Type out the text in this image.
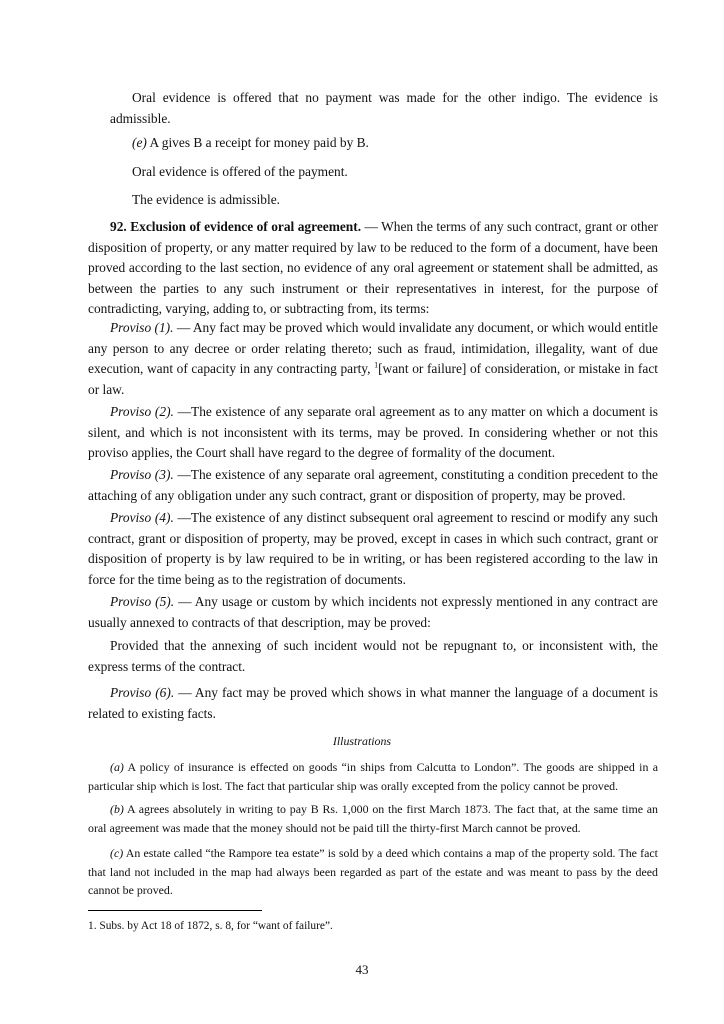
Oral evidence is offered that no payment was made for the other indigo. The evidence is admissible.

(e) A gives B a receipt for money paid by B.

Oral evidence is offered of the payment.

The evidence is admissible.

92. Exclusion of evidence of oral agreement. — When the terms of any such contract, grant or other disposition of property, or any matter required by law to be reduced to the form of a document, have been proved according to the last section, no evidence of any oral agreement or statement shall be admitted, as between the parties to any such instrument or their representatives in interest, for the purpose of contradicting, varying, adding to, or subtracting from, its terms:

Proviso (1). — Any fact may be proved which would invalidate any document, or which would entitle any person to any decree or order relating thereto; such as fraud, intimidation, illegality, want of due execution, want of capacity in any contracting party, $^1$[want or failure] of consideration, or mistake in fact or law.

Proviso (2). —The existence of any separate oral agreement as to any matter on which a document is silent, and which is not inconsistent with its terms, may be proved. In considering whether or not this proviso applies, the Court shall have regard to the degree of formality of the document.

Proviso (3). —The existence of any separate oral agreement, constituting a condition precedent to the attaching of any obligation under any such contract, grant or disposition of property, may be proved.

Proviso (4). —The existence of any distinct subsequent oral agreement to rescind or modify any such contract, grant or disposition of property, may be proved, except in cases in which such contract, grant or disposition of property is by law required to be in writing, or has been registered according to the law in force for the time being as to the registration of documents.

Proviso (5). — Any usage or custom by which incidents not expressly mentioned in any contract are usually annexed to contracts of that description, may be proved:

Provided that the annexing of such incident would not be repugnant to, or inconsistent with, the express terms of the contract.

Proviso (6). — Any fact may be proved which shows in what manner the language of a document is related to existing facts.

Illustrations

(a) A policy of insurance is effected on goods “in ships from Calcutta to London”. The goods are shipped in a particular ship which is lost. The fact that particular ship was orally excepted from the policy cannot be proved.

(b) A agrees absolutely in writing to pay B Rs. 1,000 on the first March 1873. The fact that, at the same time an oral agreement was made that the money should not be paid till the thirty-first March cannot be proved.

(c) An estate called “the Rampore tea estate” is sold by a deed which contains a map of the property sold. The fact that land not included in the map had always been regarded as part of the estate and was meant to pass by the deed cannot be proved.

1. Subs. by Act 18 of 1872, s. 8, for “want of failure”.

43
